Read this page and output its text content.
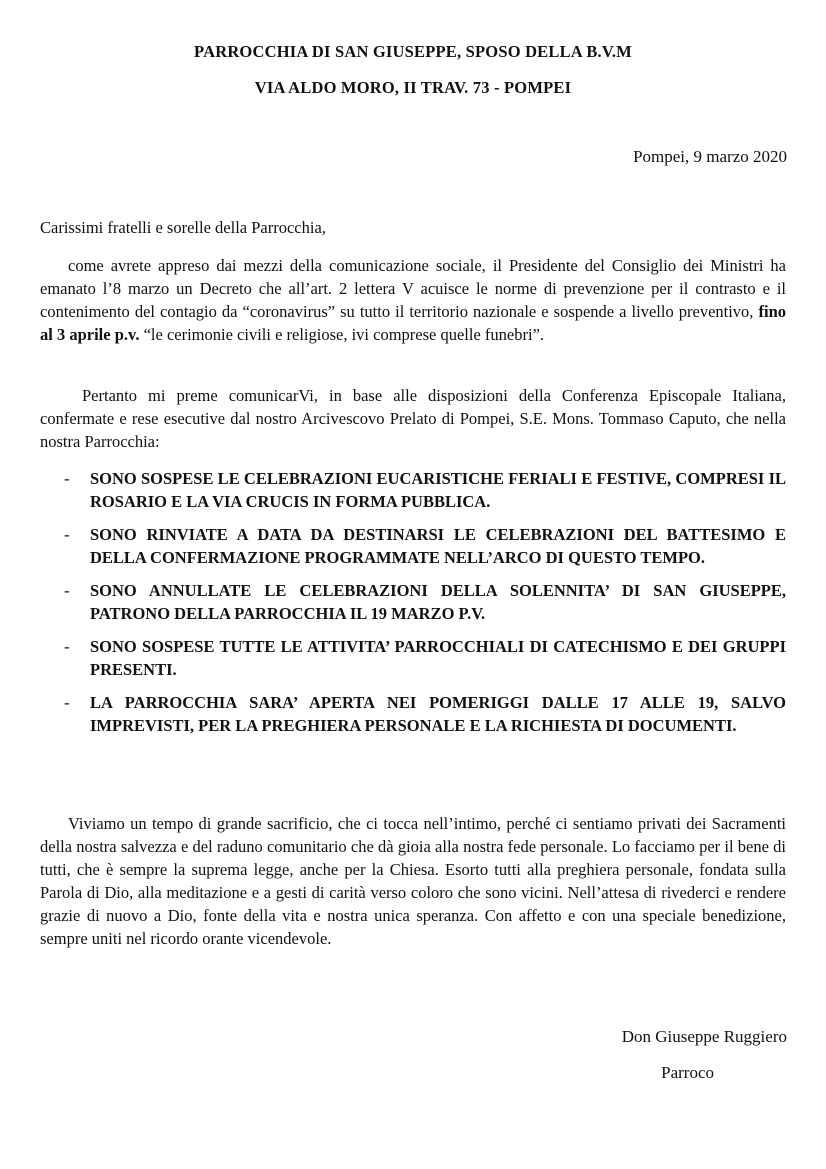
PARROCCHIA DI SAN GIUSEPPE, SPOSO DELLA B.V.M
VIA ALDO MORO, II TRAV. 73 - POMPEI
Pompei, 9 marzo 2020
Carissimi fratelli e sorelle della Parrocchia,
come avrete appreso dai mezzi della comunicazione sociale, il Presidente del Consiglio dei Ministri ha emanato l’8 marzo un Decreto che all’art. 2 lettera V acuisce le norme di prevenzione per il contrasto e il contenimento del contagio da “coronavirus” su tutto il territorio nazionale e sospende a livello preventivo, fino al 3 aprile p.v. “le cerimonie civili e religiose, ivi comprese quelle funebri”.
Pertanto mi preme comunicarVi, in base alle disposizioni della Conferenza Episcopale Italiana, confermate e rese esecutive dal nostro Arcivescovo Prelato di Pompei, S.E. Mons. Tommaso Caputo, che nella nostra Parrocchia:
- SONO SOSPESE LE CELEBRAZIONI EUCARISTICHE FERIALI E FESTIVE, COMPRESI IL ROSARIO E LA VIA CRUCIS IN FORMA PUBBLICA.
- SONO RINVIATE A DATA DA DESTINARSI LE CELEBRAZIONI DEL BATTESIMO E DELLA CONFERMAZIONE PROGRAMMATE NELL’ARCO DI QUESTO TEMPO.
- SONO ANNULLATE LE CELEBRAZIONI DELLA SOLENNITA’ DI SAN GIUSEPPE, PATRONO DELLA PARROCCHIA IL 19 MARZO P.V.
- SONO SOSPESE TUTTE LE ATTIVITA’ PARROCCHIALI DI CATECHISMO E DEI GRUPPI PRESENTI.
- LA PARROCCHIA SARA’ APERTA NEI POMERIGGI DALLE 17 ALLE 19, SALVO IMPREVISTI, PER LA PREGHIERA PERSONALE E LA RICHIESTA DI DOCUMENTI.
Viviamo un tempo di grande sacrificio, che ci tocca nell’intimo, perché ci sentiamo privati dei Sacramenti della nostra salvezza e del raduno comunitario che dà gioia alla nostra fede personale. Lo facciamo per il bene di tutti, che è sempre la suprema legge, anche per la Chiesa. Esorto tutti alla preghiera personale, fondata sulla Parola di Dio, alla meditazione e a gesti di carità verso coloro che sono vicini. Nell’attesa di rivederci e rendere grazie di nuovo a Dio, fonte della vita e nostra unica speranza. Con affetto e con una speciale benedizione, sempre uniti nel ricordo orante vicendevole.
Don Giuseppe Ruggiero
Parroco
